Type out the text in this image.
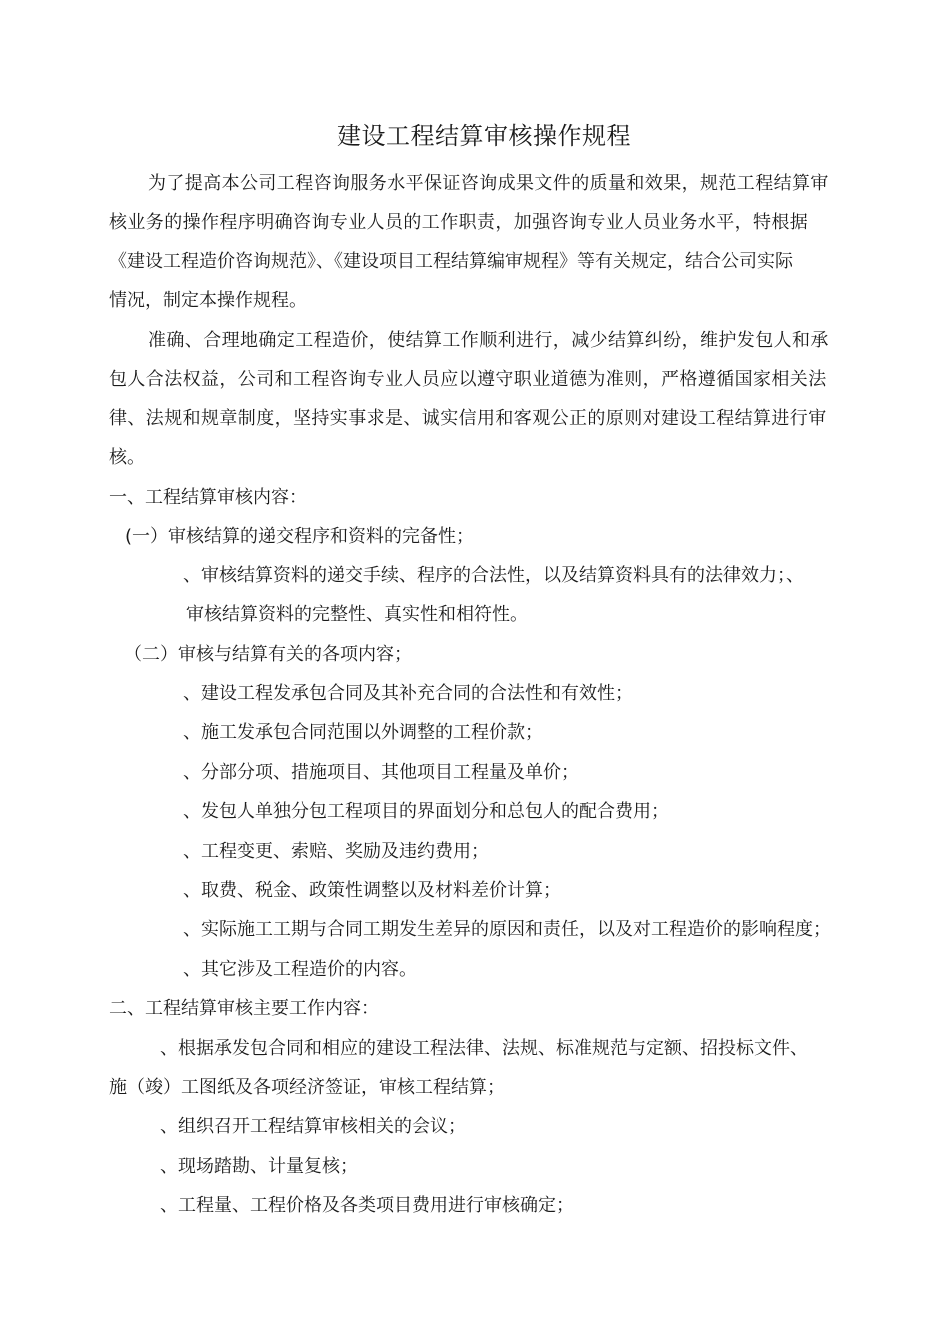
建设工程结算审核操作规程
为了提高本公司工程咨询服务水平保证咨询成果文件的质量和效果，规范工程结算审
核业务的操作程序明确咨询专业人员的工作职责，加强咨询专业人员业务水平，特根据
《建设工程造价咨询规范》、《建设项目工程结算编审规程》等有关规定，结合公司实际
情况，制定本操作规程。
准确、合理地确定工程造价，使结算工作顺利进行，减少结算纠纷，维护发包人和承
包人合法权益，公司和工程咨询专业人员应以遵守职业道德为准则，严格遵循国家相关法
律、法规和规章制度，坚持实事求是、诚实信用和客观公正的原则对建设工程结算进行审
核。
一、工程结算审核内容：
(一）审核结算的递交程序和资料的完备性；
、审核结算资料的递交手续、程序的合法性，以及结算资料具有的法律效力；、
审核结算资料的完整性、真实性和相符性。
（二）审核与结算有关的各项内容；
、建设工程发承包合同及其补充合同的合法性和有效性；
、施工发承包合同范围以外调整的工程价款；
、分部分项、措施项目、其他项目工程量及单价；
、发包人单独分包工程项目的界面划分和总包人的配合费用；
、工程变更、索赔、奖励及违约费用；
、取费、税金、政策性调整以及材料差价计算；
、实际施工工期与合同工期发生差异的原因和责任，以及对工程造价的影响程度；
、其它涉及工程造价的内容。
二、工程结算审核主要工作内容：
、根据承发包合同和相应的建设工程法律、法规、标准规范与定额、招投标文件、
施（竣）工图纸及各项经济签证，审核工程结算；
、组织召开工程结算审核相关的会议；
、现场踏勘、计量复核；
、工程量、工程价格及各类项目费用进行审核确定；
